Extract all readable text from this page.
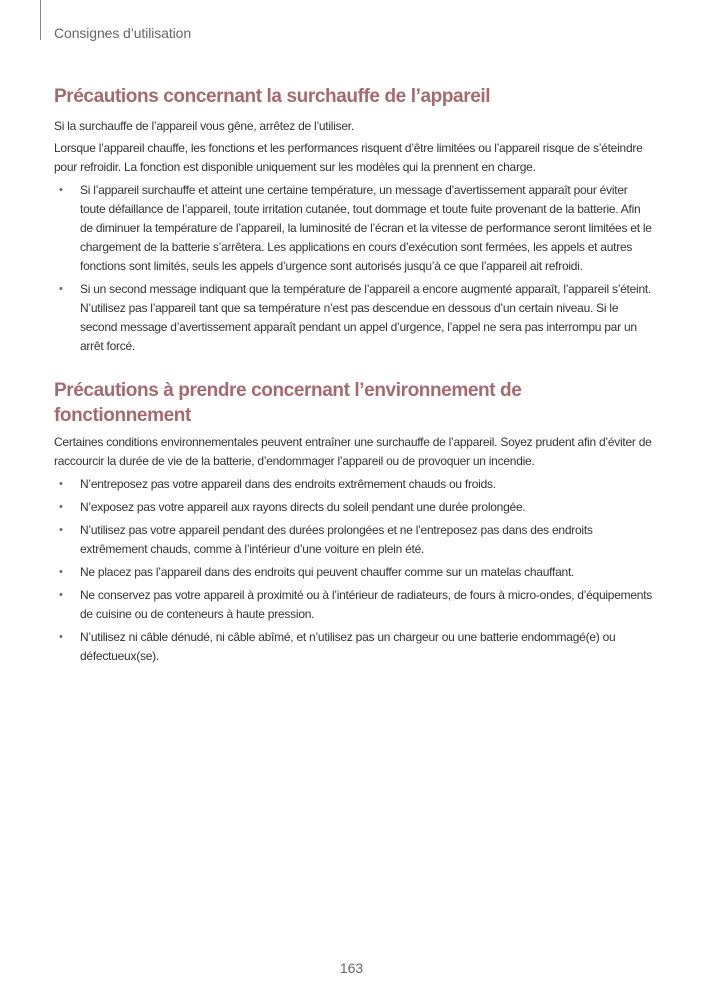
Consignes d’utilisation
Précautions concernant la surchauffe de l’appareil

Si la surchauffe de l’appareil vous gêne, arrêtez de l’utiliser.

Lorsque l’appareil chauffe, les fonctions et les performances risquent d’être limitées ou l’appareil risque de s’éteindre pour refroidir. La fonction est disponible uniquement sur les modèles qui la prennent en charge.

• Si l’appareil surchauffe et atteint une certaine température, un message d’avertissement apparaît pour éviter toute défaillance de l’appareil, toute irritation cutanée, tout dommage et toute fuite provenant de la batterie. Afin de diminuer la température de l’appareil, la luminosité de l’écran et la vitesse de performance seront limitées et le chargement de la batterie s’arrêtera. Les applications en cours d’exécution sont fermées, les appels et autres fonctions sont limités, seuls les appels d’urgence sont autorisés jusqu’à ce que l’appareil ait refroidi.
• Si un second message indiquant que la température de l’appareil a encore augmenté apparaît, l’appareil s’éteint. N’utilisez pas l’appareil tant que sa température n’est pas descendue en dessous d’un certain niveau. Si le second message d’avertissement apparaît pendant un appel d’urgence, l’appel ne sera pas interrompu par un arrêt forcé.
Précautions à prendre concernant l’environnement de fonctionnement

Certaines conditions environnementales peuvent entraîner une surchauffe de l’appareil. Soyez prudent afin d’éviter de raccourcir la durée de vie de la batterie, d’endommager l’appareil ou de provoquer un incendie.

• N’entreposez pas votre appareil dans des endroits extrêmement chauds ou froids.
• N’exposez pas votre appareil aux rayons directs du soleil pendant une durée prolongée.
• N’utilisez pas votre appareil pendant des durées prolongées et ne l’entreposez pas dans des endroits extrêmement chauds, comme à l’intérieur d’une voiture en plein été.
• Ne placez pas l’appareil dans des endroits qui peuvent chauffer comme sur un matelas chauffant.
• Ne conservez pas votre appareil à proximité ou à l’intérieur de radiateurs, de fours à micro-ondes, d’équipements de cuisine ou de conteneurs à haute pression.
• N’utilisez ni câble dénudé, ni câble abîmé, et n’utilisez pas un chargeur ou une batterie endommagé(e) ou défectueux(se).
163
